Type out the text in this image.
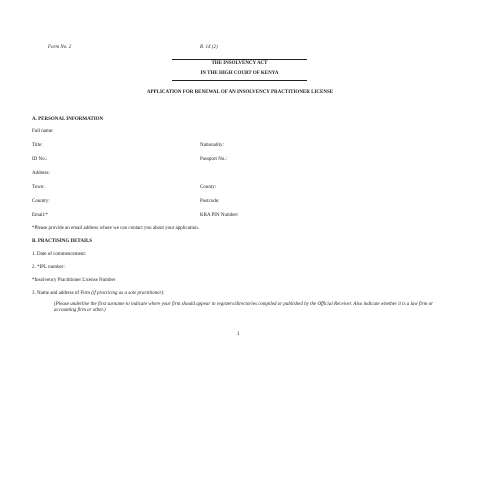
Form No. 2	R. 14 (2)
THE INSOLVENCY ACT
IN THE HIGH COURT OF KENYA
APPLICATION FOR RENEWAL OF AN INSOLVENCY PRACTITIONER LICENSE
A. PERSONAL INFORMATION
Full name:
Title:	Nationality:
ID No.:	Passport No.:
Address:
Town:	County:
Country:	Postcode:
Email:*	KRA PIN Number:
*Please provide an email address where we can contact you about your application.
B. PRACTISING DETAILS
1. Date of commencement:
2. *IPL number:
*Insolvency Practitioner License Number
3. Name and address of Firm (if practicing as a sole practitioner):
(Please underline the first surname to indicate where your firm should appear in registers/directories compiled or published by the Official Receiver. Also indicate whether it is a law firm or accounting firm or other.)
1
